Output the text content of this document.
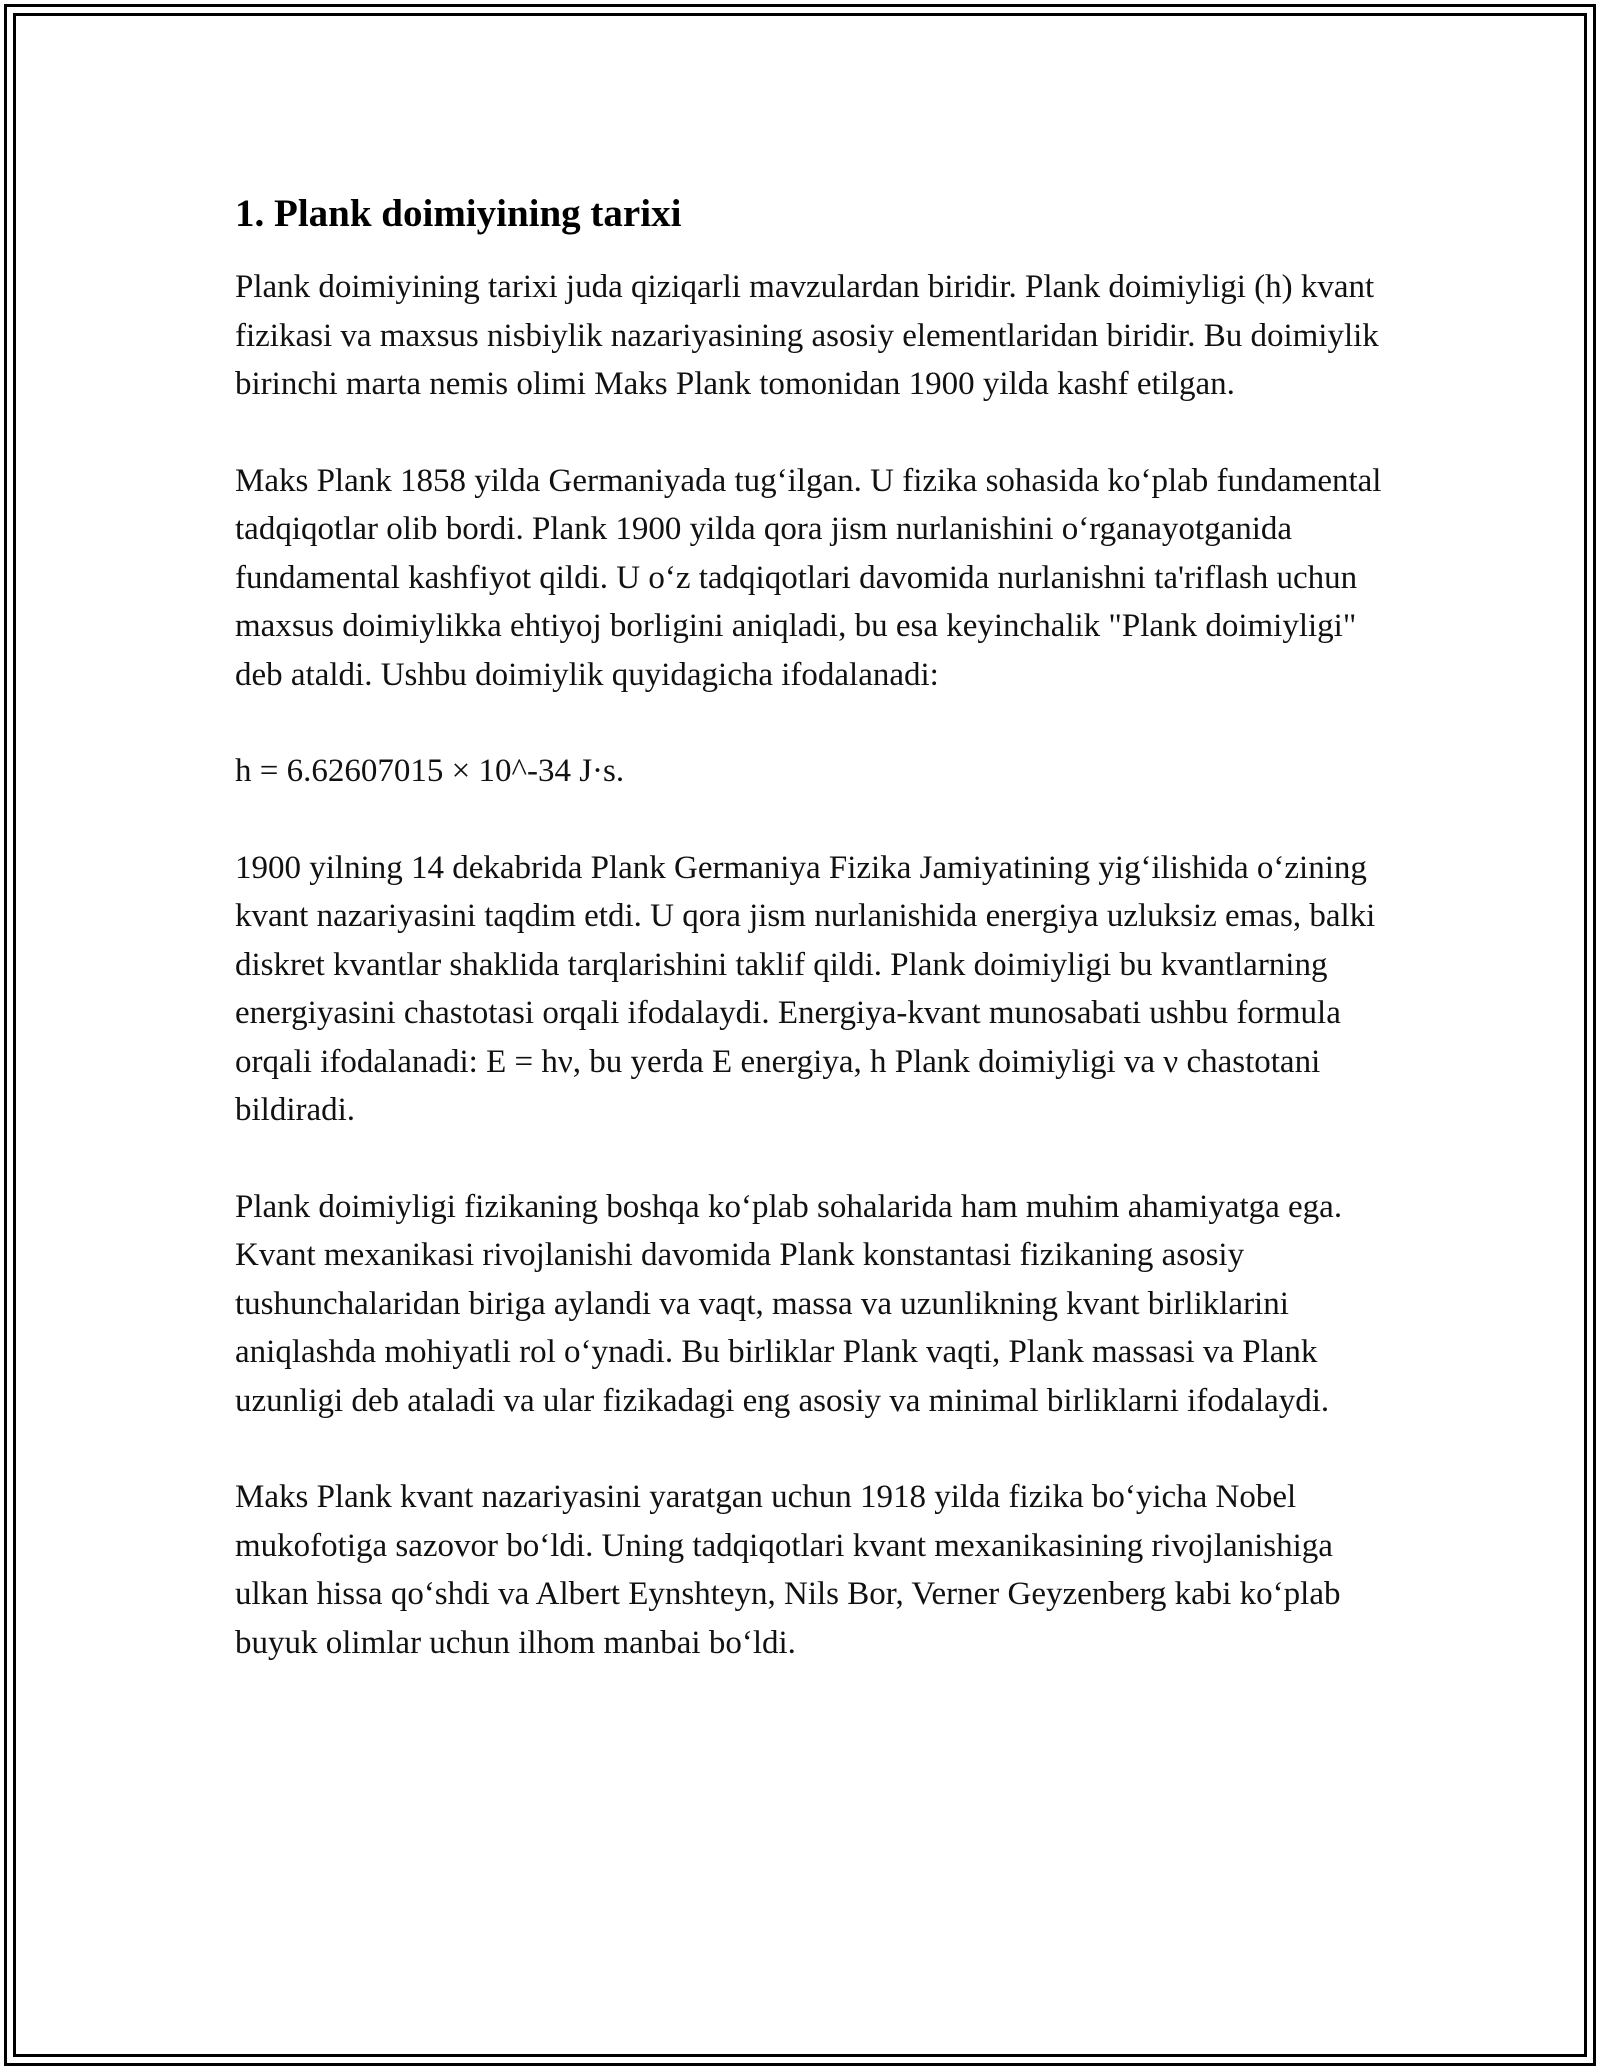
1. Plank doimiyining tarixi

Plank doimiyining tarixi juda qiziqarli mavzulardan biridir. Plank doimiyligi (h) kvant fizikasi va maxsus nisbiylik nazariyasining asosiy elementlaridan biridir. Bu doimiylik birinchi marta nemis olimi Maks Plank tomonidan 1900 yilda kashf etilgan.

Maks Plank 1858 yilda Germaniyada tug‘ilgan. U fizika sohasida ko‘plab fundamental tadqiqotlar olib bordi. Plank 1900 yilda qora jism nurlanishini o‘rganayotganida fundamental kashfiyot qildi. U o‘z tadqiqotlari davomida nurlanishni ta'riflash uchun maxsus doimiylikka ehtiyoj borligini aniqladi, bu esa keyinchalik "Plank doimiyligi" deb ataldi. Ushbu doimiylik quyidagicha ifodalanadi:

h = 6.62607015 × 10^-34 J·s.

1900 yilning 14 dekabrida Plank Germaniya Fizika Jamiyatining yig‘ilishida o‘zining kvant nazariyasini taqdim etdi. U qora jism nurlanishida energiya uzluksiz emas, balki diskret kvantlar shaklida tarqlarishini taklif qildi. Plank doimiyligi bu kvantlarning energiyasini chastotasi orqali ifodalaydi. Energiya-kvant munosabati ushbu formula orqali ifodalanadi: E = hν, bu yerda E energiya, h Plank doimiyligi va ν chastotani bildiradi.

Plank doimiyligi fizikaning boshqa ko‘plab sohalarida ham muhim ahamiyatga ega. Kvant mexanikasi rivojlanishi davomida Plank konstantasi fizikaning asosiy tushunchalaridan biriga aylandi va vaqt, massa va uzunlikning kvant birliklarini aniqlashda mohiyatli rol o‘ynadi. Bu birliklar Plank vaqti, Plank massasi va Plank uzunligi deb ataladi va ular fizikadagi eng asosiy va minimal birliklarni ifodalaydi.

Maks Plank kvant nazariyasini yaratgan uchun 1918 yilda fizika bo‘yicha Nobel mukofotiga sazovor bo‘ldi. Uning tadqiqotlari kvant mexanikasining rivojlanishiga ulkan hissa qo‘shdi va Albert Eynshteyn, Nils Bor, Verner Geyzenberg kabi ko‘plab buyuk olimlar uchun ilhom manbai bo‘ldi.
